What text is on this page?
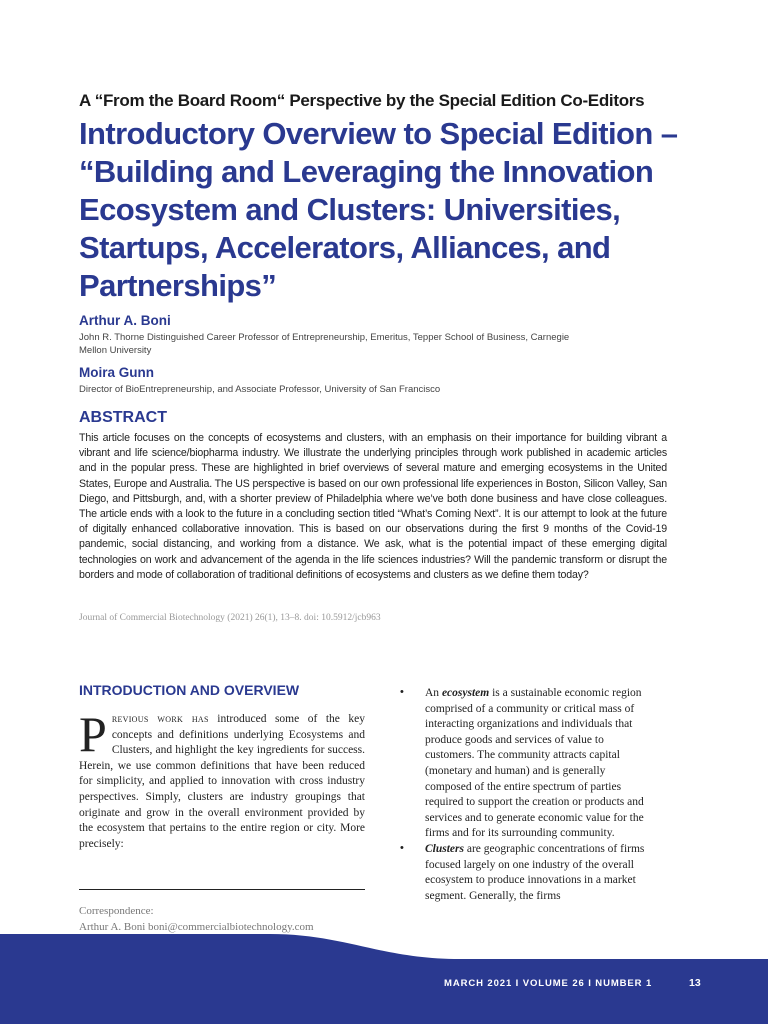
A “From the Board Room“ Perspective by the Special Edition Co-Editors
Introductory Overview to Special Edition – “Building and Leveraging the Innovation Ecosystem and Clusters: Universities, Startups, Accelerators, Alliances, and Partnerships”
Arthur A. Boni
John R. Thorne Distinguished Career Professor of Entrepreneurship, Emeritus, Tepper School of Business, Carnegie Mellon University
Moira Gunn
Director of BioEntrepreneurship, and Associate Professor, University of San Francisco
ABSTRACT
This article focuses on the concepts of ecosystems and clusters, with an emphasis on their importance for building vibrant a vibrant and life science/biopharma industry. We illustrate the underlying principles through work published in academic articles and in the popular press. These are highlighted in brief overviews of several mature and emerging ecosystems in the United States, Europe and Australia. The US perspective is based on our own professional life experiences in Boston, Silicon Valley, San Diego, and Pittsburgh, and, with a shorter preview of Philadelphia where we’ve both done business and have close colleagues. The article ends with a look to the future in a concluding section titled “What’s Coming Next”. It is our attempt to look at the future of digitally enhanced collaborative innovation. This is based on our observations during the first 9 months of the Covid-19 pandemic, social distancing, and working from a distance. We ask, what is the potential impact of these emerging digital technologies on work and advancement of the agenda in the life sciences industries? Will the pandemic transform or disrupt the borders and mode of collaboration of traditional definitions of ecosystems and clusters as we define them today?
Journal of Commercial Biotechnology (2021) 26(1), 13–8. doi: 10.5912/jcb963
INTRODUCTION AND OVERVIEW

Previous work has introduced some of the key concepts and definitions underlying Ecosystems and Clusters, and highlight the key ingredients for success. Herein, we use common definitions that have been reduced for simplicity, and applied to innovation with cross industry perspectives. Simply, clusters are industry groupings that originate and grow in the overall environment provided by the ecosystem that pertains to the entire region or city. More precisely:

Correspondence:
Arthur A. Boni boni@commercialbiotechnology.com
• An ecosystem is a sustainable economic region comprised of a community or critical mass of interacting organizations and individuals that produce goods and services of value to customers. The community attracts capital (monetary and human) and is generally composed of the entire spectrum of parties required to support the creation or products and services and to generate economic value for the firms and for its surrounding community.

• Clusters are geographic concentrations of firms focused largely on one industry of the overall ecosystem to produce innovations in a market segment. Generally, the firms

MARCH 2021 I VOLUME 26 I NUMBER 1	13
